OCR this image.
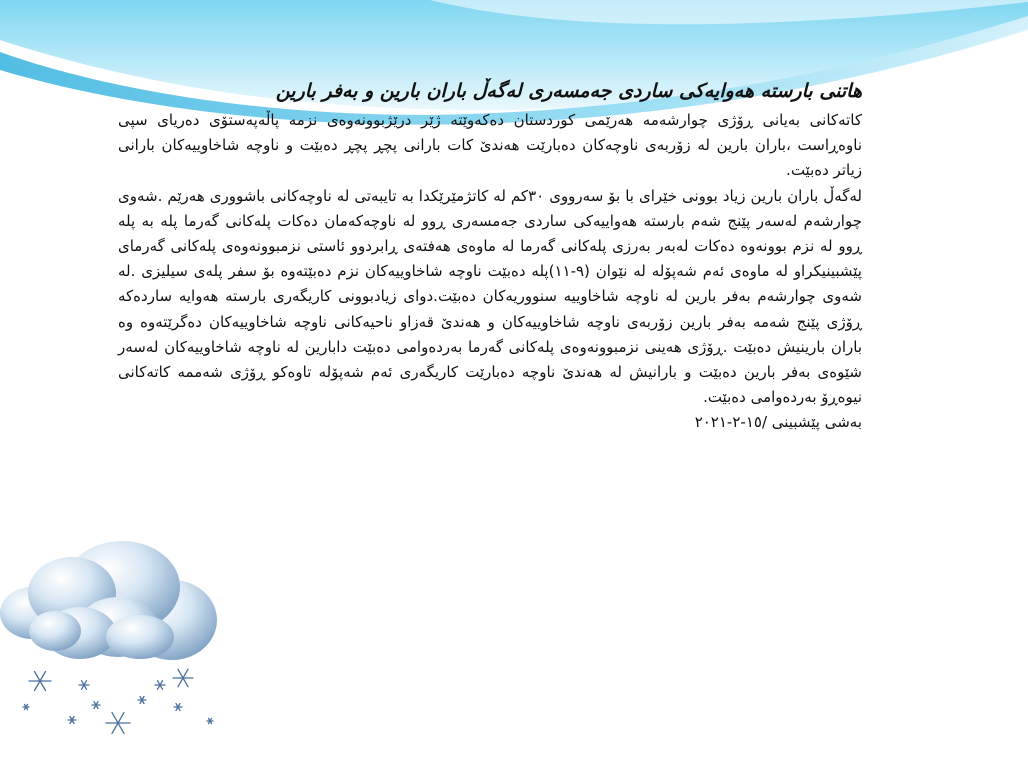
هاتنی بارستە هەوایەکی ساردی جەمسەری لەگەڵ باران بارین و بەفر بارین

کاتەکانی بەیانی ڕۆژی چوارشەمە هەرێمی کوردستان دەکەوێتە ژێر درێژبوونەوەی نزمە پاڵەپەستۆی دەریای سپی ناوەڕاست ،باران بارین لە زۆربەی ناوچەکان دەبارێت هەندێ کات بارانی پچڕ پچڕ دەبێت و ناوچە شاخاوییەکان بارانی زیاتر دەبێت.

لەگەڵ باران بارین زیاد بوونی خێرای با بۆ سەرووی ٣٠کم لە کاتژمێرێکدا بە تایبەتی لە ناوچەکانی باشووری هەرێم .شەوی چوارشەم لەسەر پێنج شەم بارستە هەواییەکی ساردی جەمسەری ڕوو لە ناوچەکەمان دەکات پلەکانی گەرما پلە بە پلە ڕوو لە نزم بوونەوە دەکات لەبەر بەرزی پلەکانی گەرما لە ماوەی هەفتەی ڕابردوو ئاستی نزمبوونەوەی پلەکانی گەرمای پێشبینیکراو لە ماوەی ئەم شەپۆلە لە نێوان (٩-١١)پلە دەبێت ناوچە شاخاوییەکان نزم دەبێتەوە بۆ سفر پلەی سیلیزی .لە شەوی چوارشەم بەفر بارین لە ناوچە شاخاوییە سنووریەکان دەبێت.دوای زیادبوونی کاریگەری بارستە هەوایە ساردەکە ڕۆژی پێنج شەمە بەفر بارین زۆربەی ناوچە شاخاوییەکان و هەندێ قەزاو ناحیەکانی ناوچە شاخاوییەکان دەگرێتەوە وە باران بارینیش دەبێت .ڕۆژی هەینی نزمبوونەوەی پلەکانی گەرما بەردەوامی دەبێت دابارین لە ناوچە شاخاوییەکان لەسەر شێوەی بەفر بارین دەبێت و بارانیش لە هەندێ ناوچە دەبارێت کاریگەری ئەم شەپۆلە تاوەکو ڕۆژی شەممە کاتەکانی نیوەڕۆ بەردەوامی دەبێت.

بەشی پێشبینی /١٥-٢-٢٠٢١
